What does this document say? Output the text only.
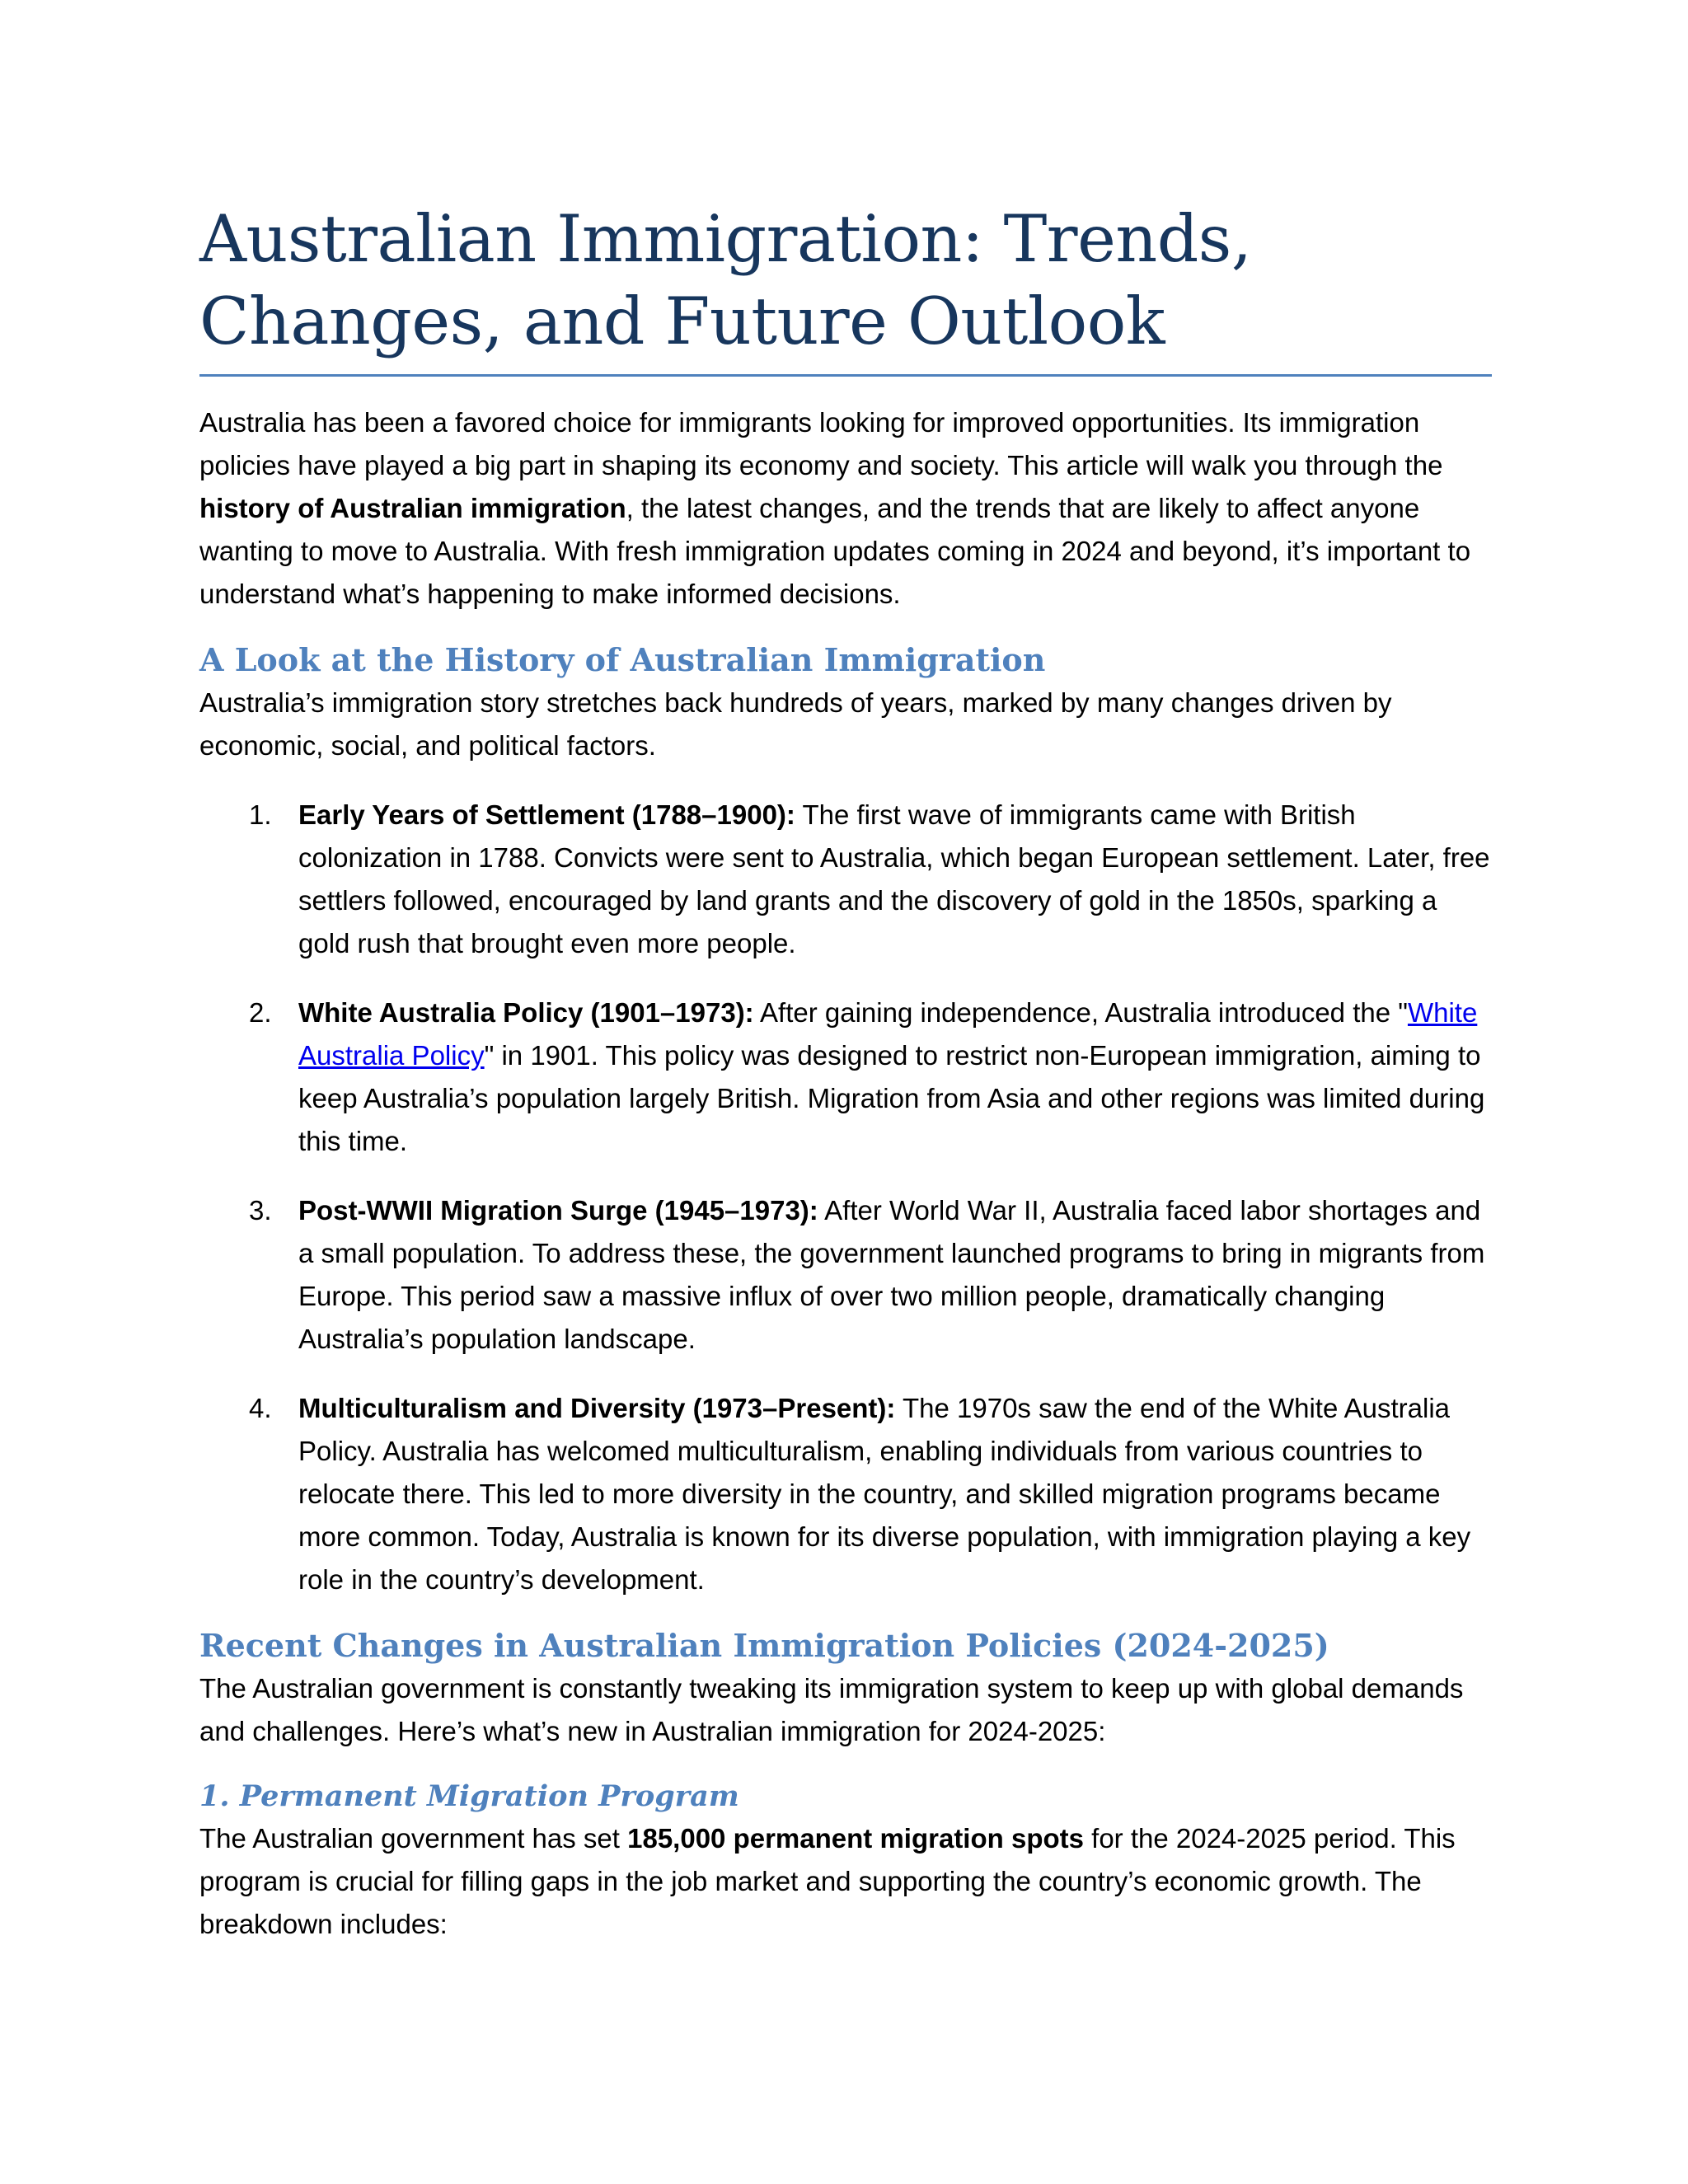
Australian Immigration: Trends, Changes, and Future Outlook

Australia has been a favored choice for immigrants looking for improved opportunities. Its immigration policies have played a big part in shaping its economy and society. This article will walk you through the history of Australian immigration, the latest changes, and the trends that are likely to affect anyone wanting to move to Australia. With fresh immigration updates coming in 2024 and beyond, it’s important to understand what’s happening to make informed decisions.

A Look at the History of Australian Immigration

Australia’s immigration story stretches back hundreds of years, marked by many changes driven by economic, social, and political factors.

1. Early Years of Settlement (1788–1900): The first wave of immigrants came with British colonization in 1788. Convicts were sent to Australia, which began European settlement. Later, free settlers followed, encouraged by land grants and the discovery of gold in the 1850s, sparking a gold rush that brought even more people.
2. White Australia Policy (1901–1973): After gaining independence, Australia introduced the "White Australia Policy" in 1901. This policy was designed to restrict non-European immigration, aiming to keep Australia’s population largely British. Migration from Asia and other regions was limited during this time.
3. Post-WWII Migration Surge (1945–1973): After World War II, Australia faced labor shortages and a small population. To address these, the government launched programs to bring in migrants from Europe. This period saw a massive influx of over two million people, dramatically changing Australia’s population landscape.
4. Multiculturalism and Diversity (1973–Present): The 1970s saw the end of the White Australia Policy. Australia has welcomed multiculturalism, enabling individuals from various countries to relocate there. This led to more diversity in the country, and skilled migration programs became more common. Today, Australia is known for its diverse population, with immigration playing a key role in the country’s development.
Recent Changes in Australian Immigration Policies (2024-2025)

The Australian government is constantly tweaking its immigration system to keep up with global demands and challenges. Here’s what’s new in Australian immigration for 2024-2025:

1. Permanent Migration Program

The Australian government has set 185,000 permanent migration spots for the 2024-2025 period. This program is crucial for filling gaps in the job market and supporting the country’s economic growth. The breakdown includes:
